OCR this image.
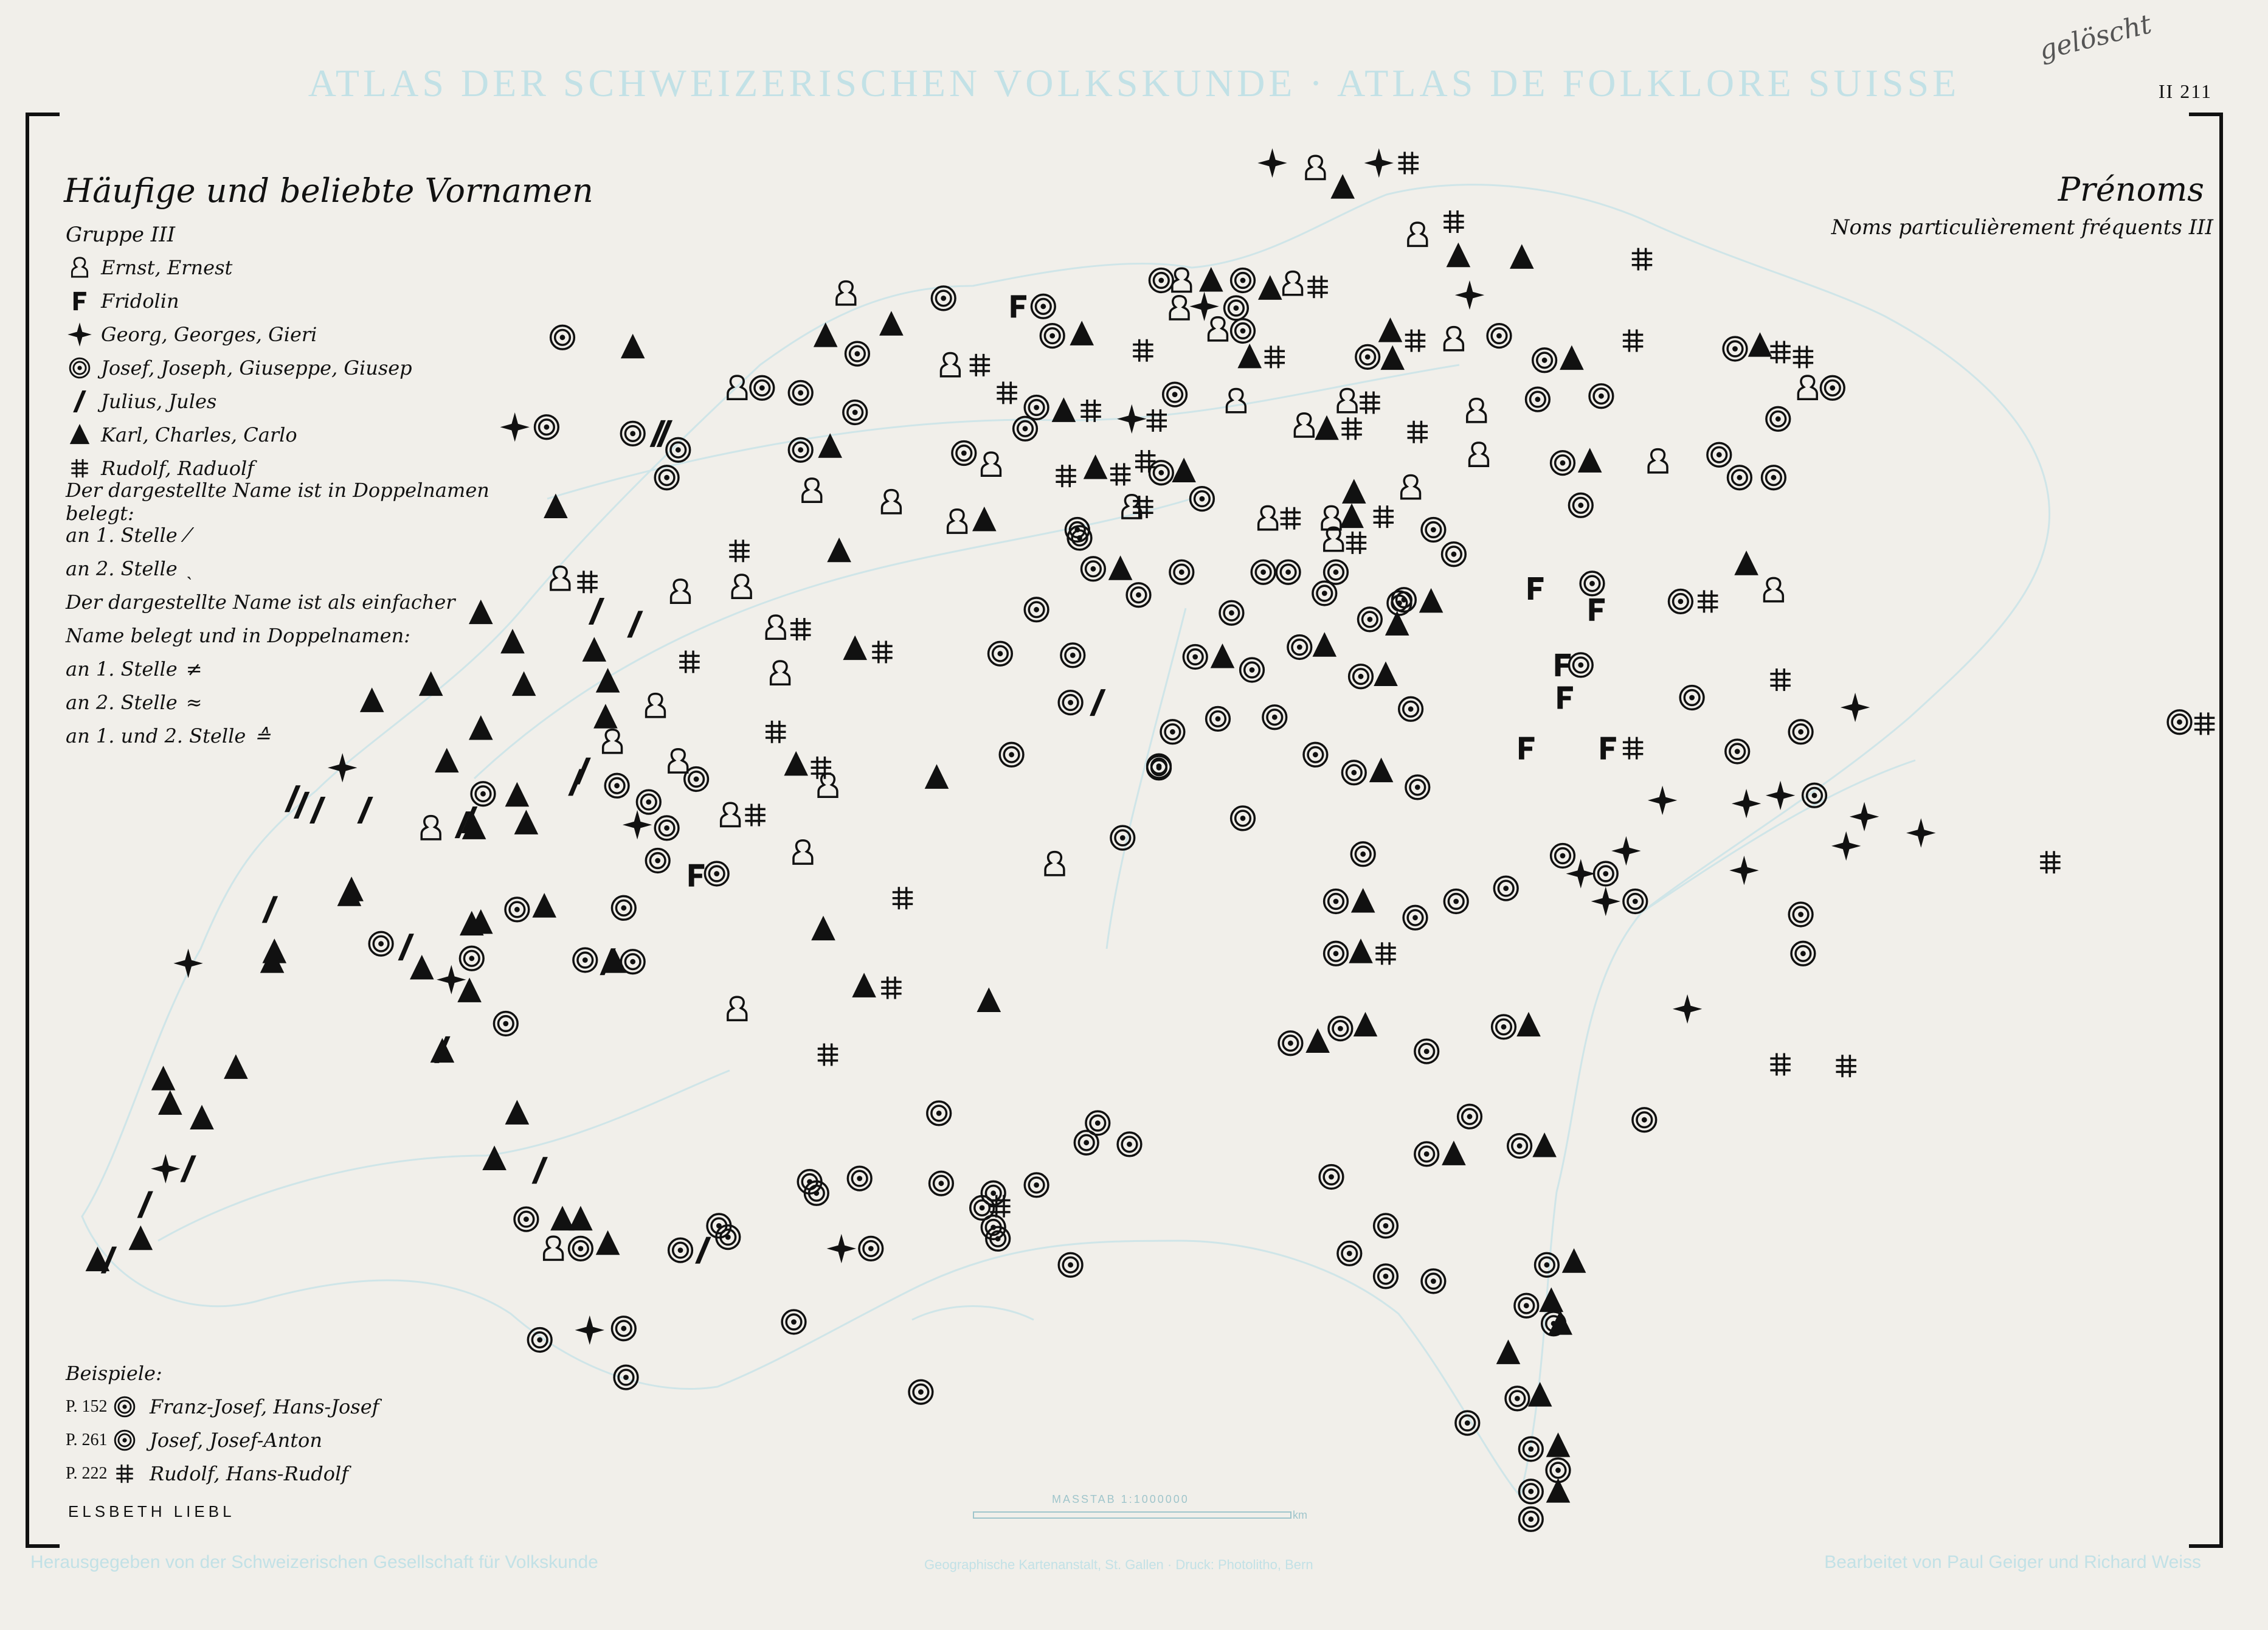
ATLAS DER SCHWEIZERISCHEN VOLKSKUNDE · ATLAS DE FOLKLORE SUISSE	II 211
gelöscht
Häufige und beliebte Vornamen	Prénoms
Noms particulièrement fréquents III
Gruppe III
Ernst, Ernest
Fridolin
Georg, Georges, Gieri
Josef, Joseph, Giuseppe, Giusep
Julius, Jules
Karl, Charles, Carlo
Rudolf, Raduolf
Der dargestellte Name ist in Doppelnamen belegt:
an 1. Stelle ⁄
an 2. Stelle ˎ
Der dargestellte Name ist als einfacher
Name belegt und in Doppelnamen:
an 1. Stelle ≠
an 2. Stelle ≈
an 1. und 2. Stelle ≙
Beispiele:
P. 152 Franz-Josef, Hans-Josef
P. 261 Josef, Josef-Anton
P. 222 Rudolf, Hans-Rudolf
ELSBETH LIEBL
MASSTAB 1:1000000
km
Herausgegeben von der Schweizerischen Gesellschaft für Volkskunde	Geographische Kartenanstalt, St. Gallen · Druck: Photolitho, Bern	Bearbeitet von Paul Geiger und Richard Weiss
